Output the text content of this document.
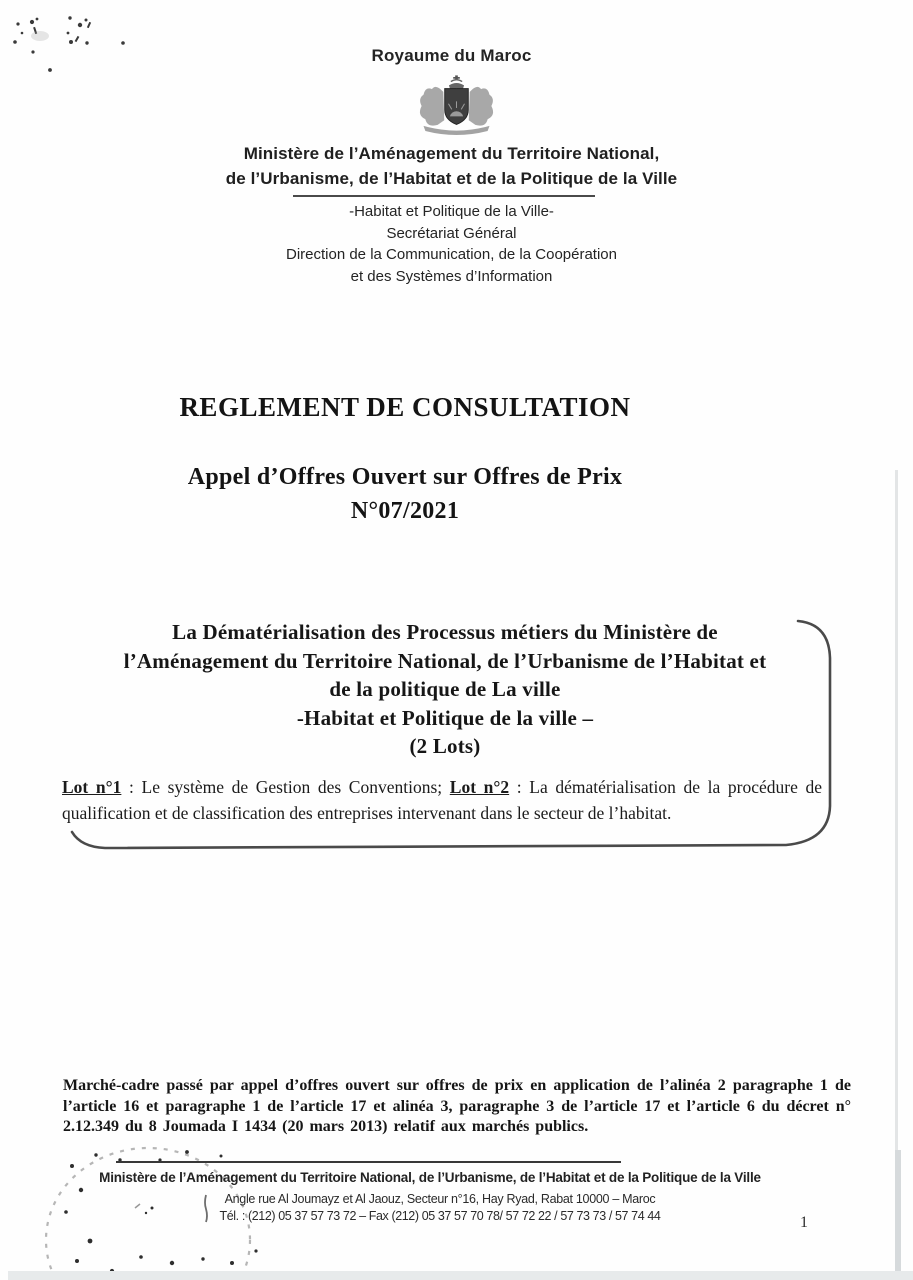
Royaume du Maroc
Ministère de l’Aménagement du Territoire National,
de l’Urbanisme, de l’Habitat et de la Politique de la Ville
-Habitat et Politique de la Ville-
Secrétariat Général
Direction de la Communication, de la Coopération
et des Systèmes d’Information
REGLEMENT DE CONSULTATION
Appel d’Offres Ouvert sur Offres de Prix
N°07/2021
La Dématérialisation des Processus métiers du Ministère de
l’Aménagement du Territoire National, de l’Urbanisme de l’Habitat et
de la politique de La ville
-Habitat et Politique de la ville –
(2 Lots)

Lot n°1 : Le système de Gestion des Conventions; Lot n°2 : La dématérialisation de la procédure de qualification et de classification des entreprises intervenant dans le secteur de l’habitat.

Marché-cadre passé par appel d’offres ouvert sur offres de prix en application de l’alinéa 2 paragraphe 1 de l’article 16 et paragraphe 1 de l’article 17 et alinéa 3, paragraphe 3 de l’article 17 et l’article 6 du décret n° 2.12.349 du 8 Joumada I 1434 (20 mars 2013) relatif aux marchés publics.

Ministère de l’Aménagement du Territoire National, de l’Urbanisme, de l’Habitat et de la Politique de la Ville
Angle rue Al Joumayz et Al Jaouz, Secteur n°16, Hay Ryad, Rabat 10000 – Maroc
Tél. : (212) 05 37 57 73 72 – Fax (212) 05 37 57 70 78/ 57 72 22 / 57 73 73 / 57 74 44	1
